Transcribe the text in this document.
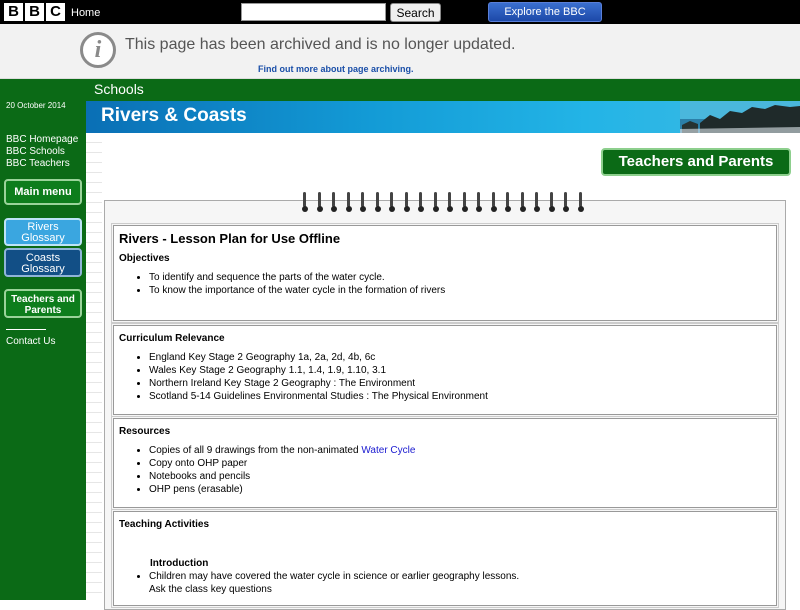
B B C Home	Search	Explore the BBC
i	This page has been archived and is no longer updated.
Find out more about page archiving.
20 October 2014
BBC Homepage
BBC Schools
BBC Teachers
Main menu
Rivers
Glossary
Coasts
Glossary
Teachers and
Parents
Contact Us
Schools
Rivers & Coasts
Teachers and Parents
Rivers - Lesson Plan for Use Offline
Objectives
• To identify and sequence the parts of the water cycle.
• To know the importance of the water cycle in the formation of rivers
Curriculum Relevance
• England Key Stage 2 Geography 1a, 2a, 2d, 4b, 6c
• Wales Key Stage 2 Geography 1.1, 1.4, 1.9, 1.10, 3.1
• Northern Ireland Key Stage 2 Geography : The Environment
• Scotland 5-14 Guidelines Environmental Studies : The Physical Environment
Resources
• Copies of all 9 drawings from the non-animated Water Cycle
• Copy onto OHP paper
• Notebooks and pencils
• OHP pens (erasable)
Teaching Activities
Introduction
• Children may have covered the water cycle in science or earlier geography lessons.
Ask the class key questions
